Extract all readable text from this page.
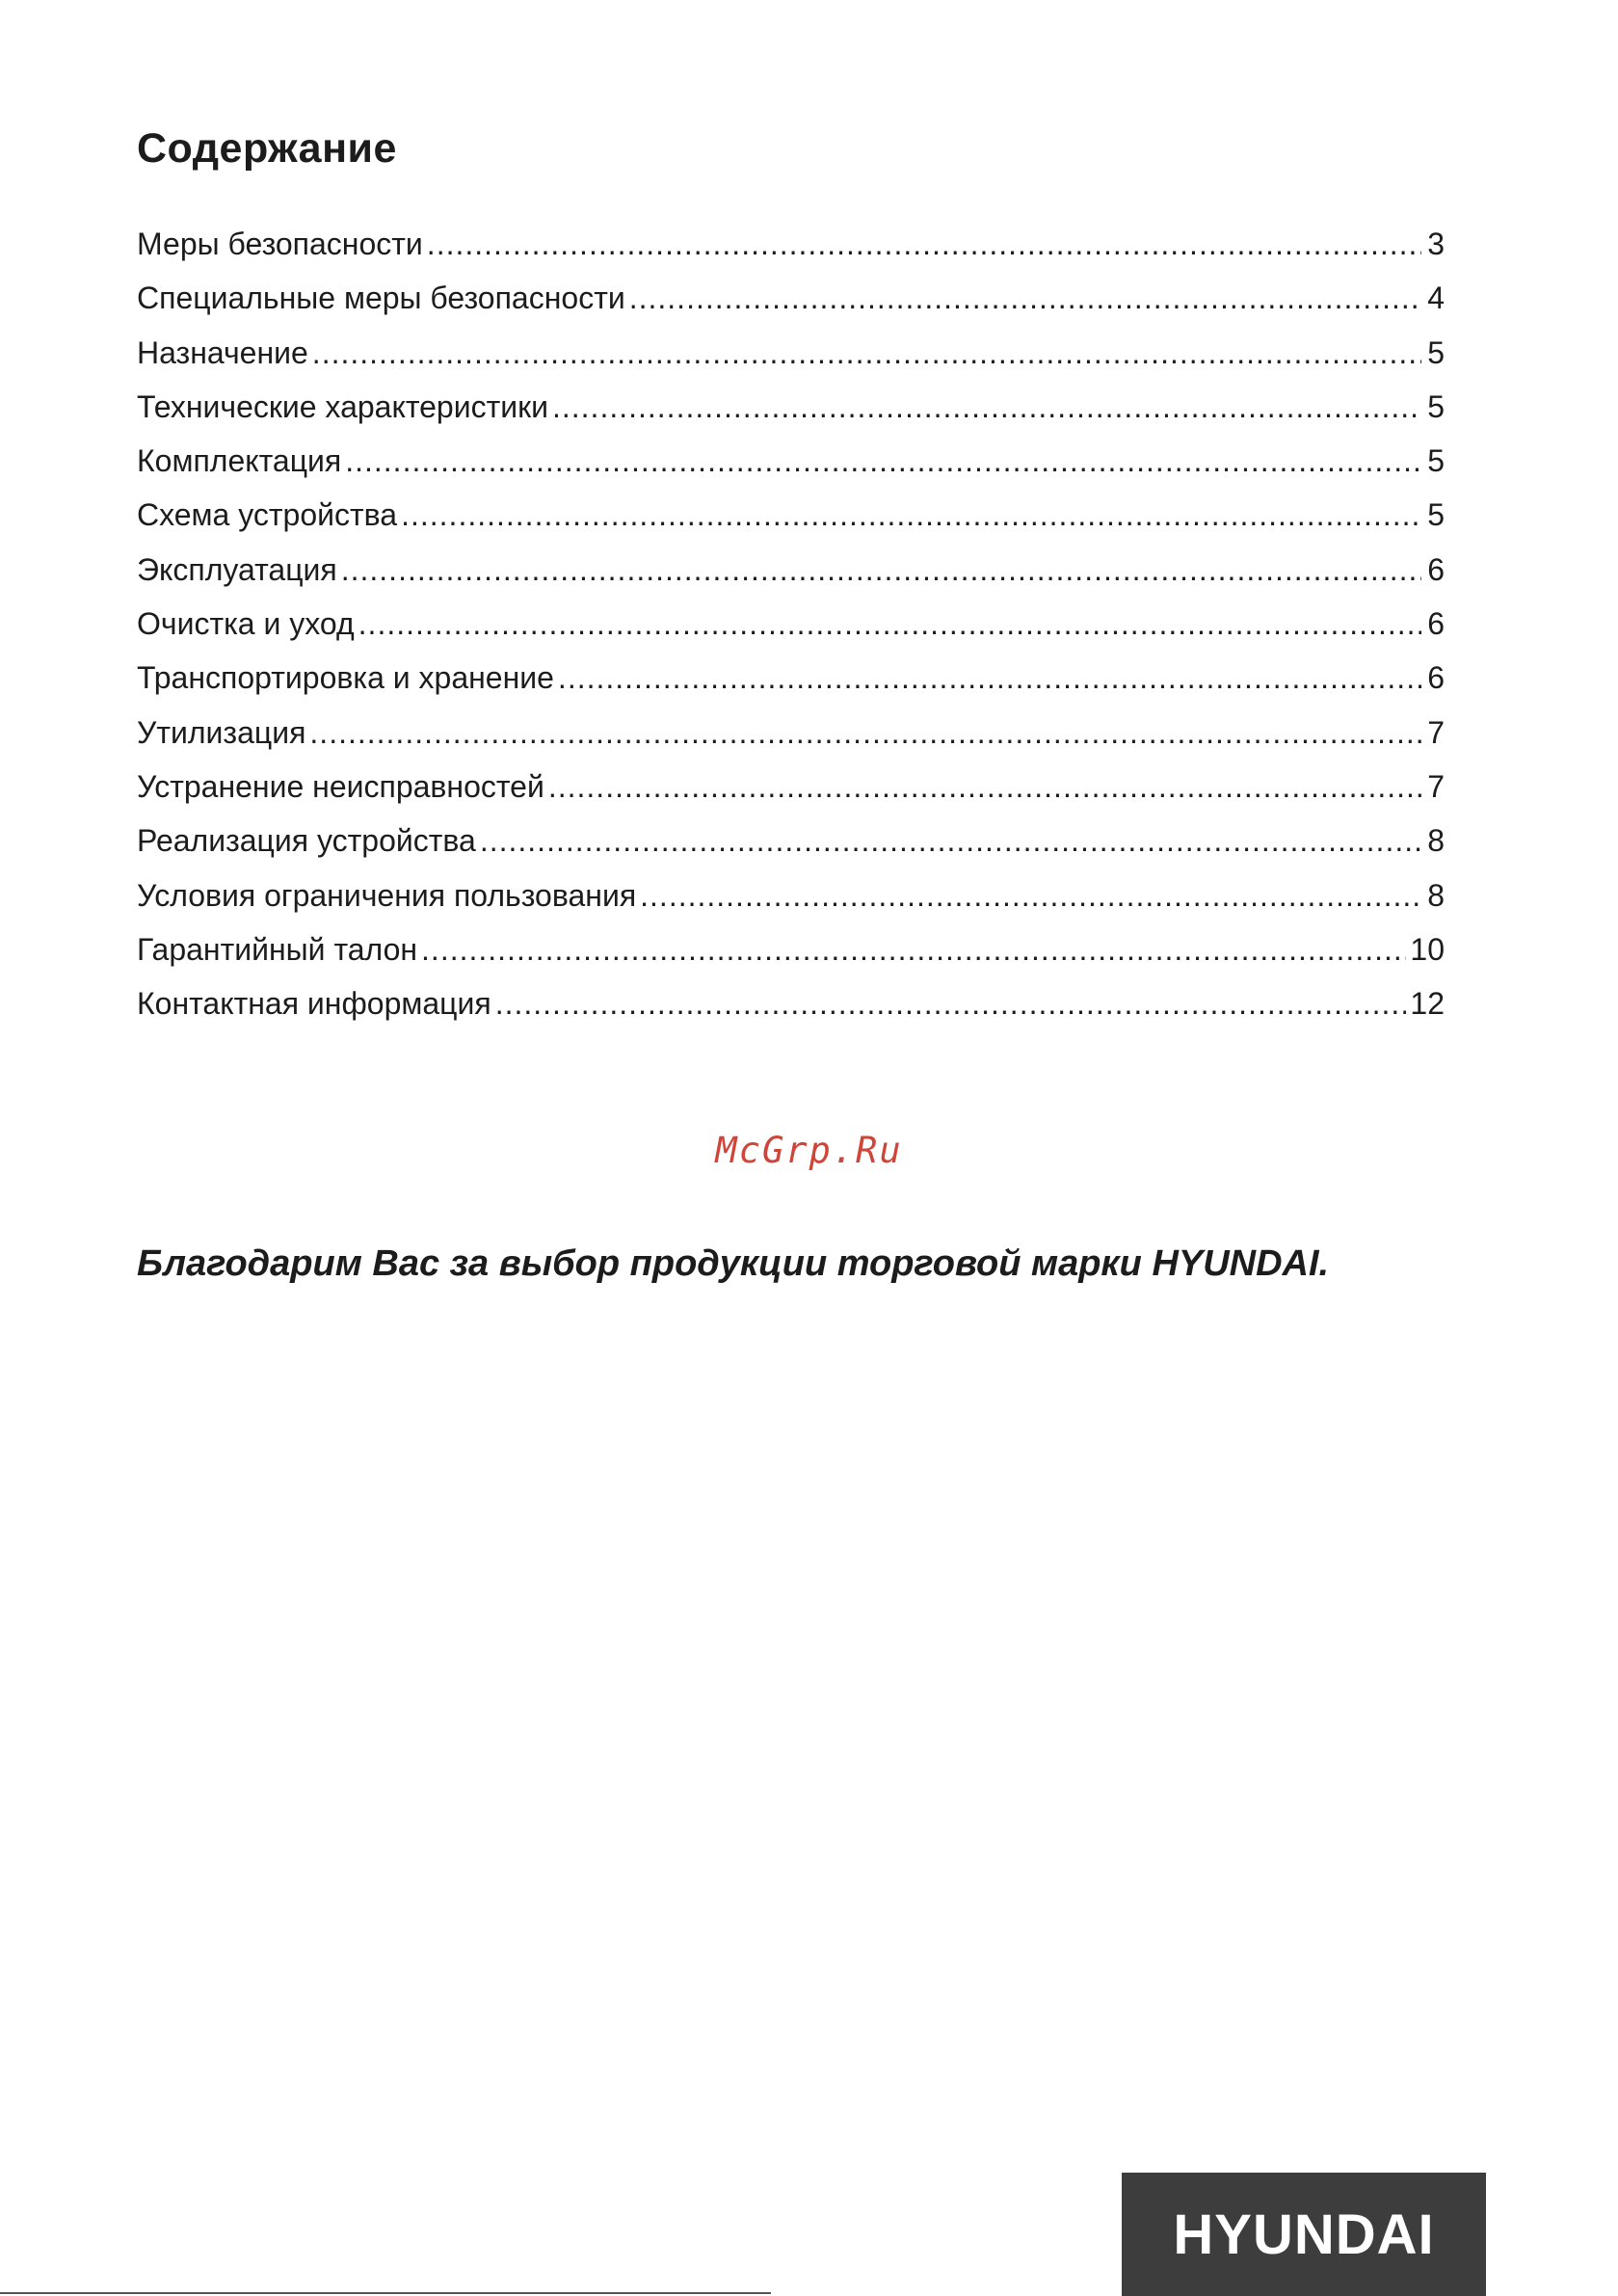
Содержание
Меры безопасности .....	3
Специальные меры безопасности .....	4
Назначение .....	5
Технические характеристики .....	5
Комплектация .....	5
Схема устройства .....	5
Эксплуатация .....	6
Очистка и уход .....	6
Транспортировка и хранение .....	6
Утилизация .....	7
Устранение неисправностей .....	7
Реализация устройства .....	8
Условия ограничения пользования .....	8
Гарантийный талон .....	10
Контактная информация .....	12
McGrp.Ru

Благодарим Вас за выбор продукции торговой марки HYUNDAI.

HYUNDAI
